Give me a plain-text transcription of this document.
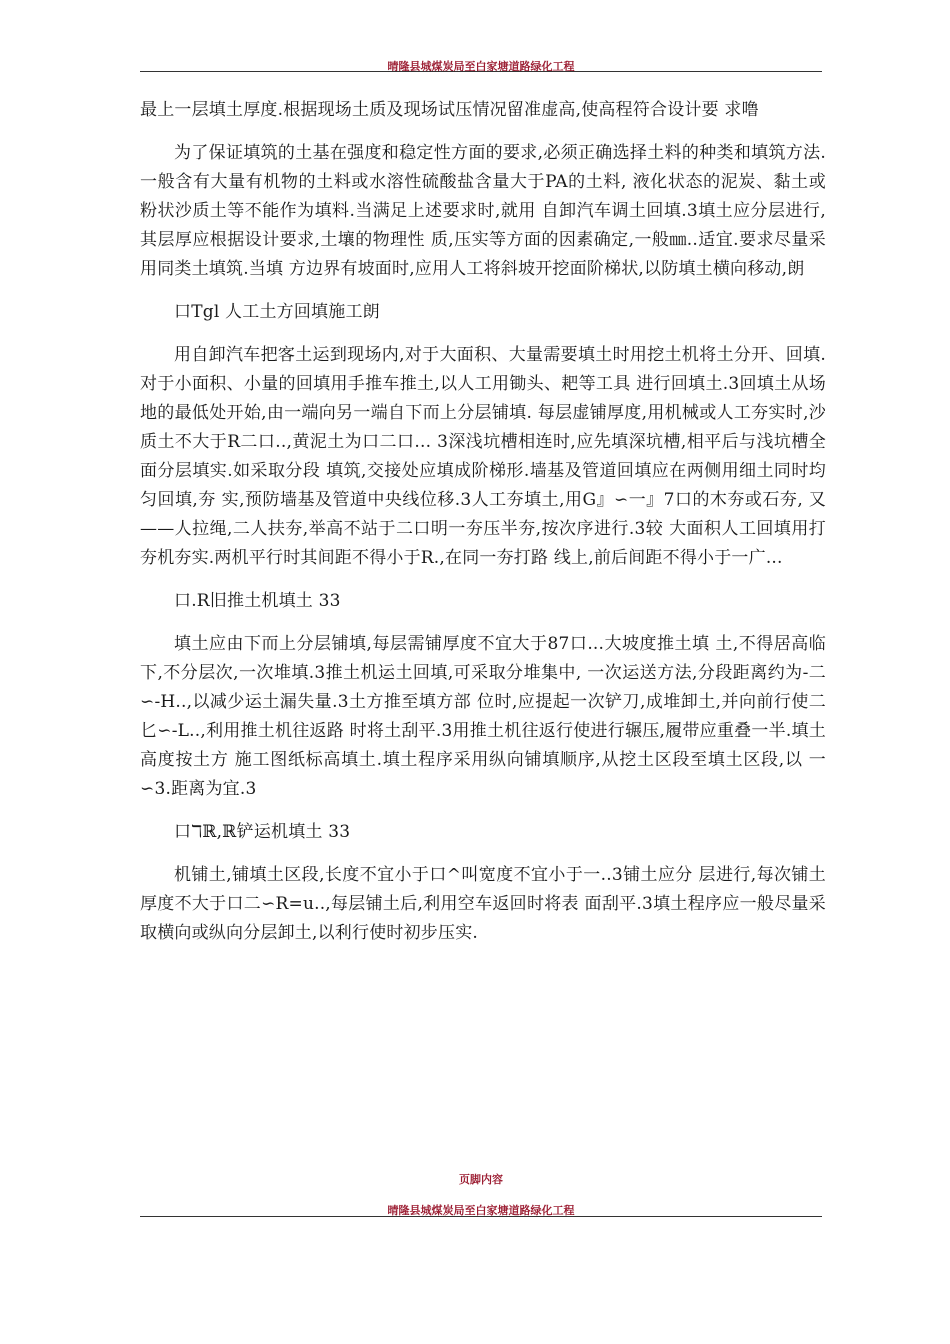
晴隆县城煤炭局至白家塘道路绿化工程

最上一层填土厚度.根据现场土质及现场试压情况留准虚高,使高程符合设计要 求噜

为了保证填筑的土基在强度和稳定性方面的要求,必须正确选择土料的种类和填筑方法.一般含有大量有机物的土料或水溶性硫酸盐含量大于PA的土料, 液化状态的泥炭、黏土或粉状沙质土等不能作为填料.当满足上述要求时,就用 自卸汽车调土回填.3填土应分层进行,其层厚应根据设计要求,土壤的物理性 质,压实等方面的因素确定,一般㎜..适宜.要求尽量采用同类土填筑.当填 方边界有坡面时,应用人工将斜坡开挖面阶梯状,以防填土横向移动,朗

口Tgl 人工土方回填施工朗

用自卸汽车把客土运到现场内,对于大面积、大量需要填土时用挖土机将土分开、回填.对于小面积、小量的回填用手推车推土,以人工用锄头、耙等工具 进行回填土.3回填土从场地的最低处开始,由一端向另一端自下而上分层铺填. 每层虚铺厚度,用机械或人工夯实时,沙质土不大于R二口..,黄泥土为口二口... 3深浅坑槽相连时,应先填深坑槽,相平后与浅坑槽全面分层填实.如采取分段 填筑,交接处应填成阶梯形.墙基及管道回填应在两侧用细土同时均匀回填,夯 实,预防墙基及管道中央线位移.3人工夯填土,用G』∽一』7口的木夯或石夯, 又——人拉绳,二人扶夯,举高不站于二口明一夯压半夯,按次序进行.3较 大面积人工回填用打夯机夯实.两机平行时其间距不得小于R.,在同一夯打路 线上,前后间距不得小于一广...

口.R旧推土机填土 33

填土应由下而上分层铺填,每层需铺厚度不宜大于87口...大坡度推土填 土,不得居高临下,不分层次,一次堆填.3推土机运土回填,可采取分堆集中, 一次运送方法,分段距离约为-二∽-H..,以减少运土漏失量.3土方推至填方部 位时,应提起一次铲刀,成堆卸土,并向前行使二匕∽-L..,利用推土机往返路 时将土刮平.3用推土机往返行使进行辗压,履带应重叠一半.填土高度按土方 施工图纸标高填土.填土程序采用纵向铺填顺序,从挖土区段至填土区段,以 一∽3.距离为宜.3

口ℸℝ,ℝ铲运机填土 33

机铺土,铺填土区段,长度不宜小于口^叫宽度不宜小于一..3铺土应分 层进行,每次铺土厚度不大于口二∽R=u..,每层铺土后,利用空车返回时将表 面刮平.3填土程序应一般尽量采取横向或纵向分层卸土,以利行使时初步压实.

页脚内容
晴隆县城煤炭局至白家塘道路绿化工程
